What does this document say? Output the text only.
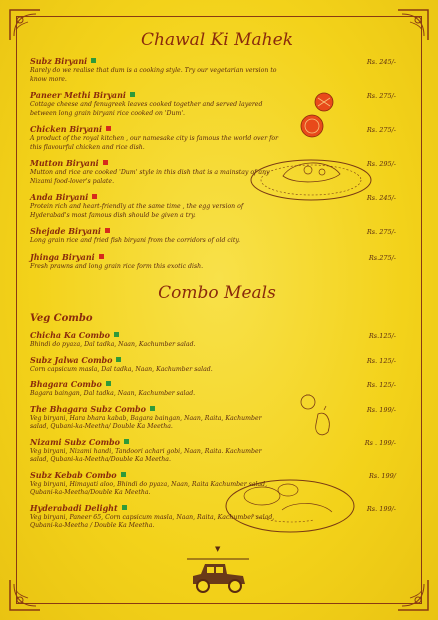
▼
Chawal Ki Mahek
Subz Biryani
Rarely do we realise that dum is a cooking style. Try our vegetarian version to know more.
Rs. 245/-
Paneer Methi Biryani
Cottage cheese and fenugreek leaves cooked together and served layered between long grain biryani rice cooked on 'Dum'.
Rs. 275/-
Chicken Biryani
A product of the royal kitchen , our namesake city is famous the world over for this flavourful chicken and rice dish.
Rs. 275/-
Mutton Biryani
Mutton and rice are cooked 'Dum' style in this dish that is a mainstay of any Nizami food-lover's palate.
Rs. 295/-
Anda Biryani
Protein rich and heart-friendly at the same time , the egg version of Hyderabad's most famous dish should be given a try.
Rs. 245/-
Shejade Biryani
Long grain rice and fried fish biryani from the corridors of old city.
Rs. 275/-
Jhinga Biryani
Fresh prawns and long grain rice form this exotic dish.
Rs.275/-
Combo Meals
Veg Combo
Chicha Ka Combo
Bhindi do pyaza, Dal tadka, Naan, Kachumber salad.
Rs.125/-
Subz Jalwa Combo
Corn capsicum masla, Dal tadka, Naan, Kachumber salad.
Rs. 125/-
Bhagara Combo
Bagara baingan, Dal tadka, Naan, Kachumber salad.
Rs. 125/-
The Bhagara Subz Combo
Veg biryani, Hara bhara kabab, Bagara baingan, Naan, Raita, Kachumber salad, Qubani-ka-Meetha/ Double Ka Meetha.
Rs. 199/-
Nizami Subz Combo
Veg biryani, Nizami handi, Tandoori achari gobi, Naan, Raita. Kachumber salad, Qubani-ka-Meetha/Double Ka Meetha.
Rs . 199/-
Subz Kebab Combo
Veg biryani, Himayati aloo, Bhindi do pyaza, Naan, Raita Kachumber salad, Qubani-ka-Meetha/Double Ka Meetha.
Rs. 199/
Hyderabadi Delight
Veg biryani, Paneer 65, Corn capsicum masla, Naan, Raita, Kachumber salad, Qubani-ka-Meetha / Double Ka Meetha.
Rs. 199/-
